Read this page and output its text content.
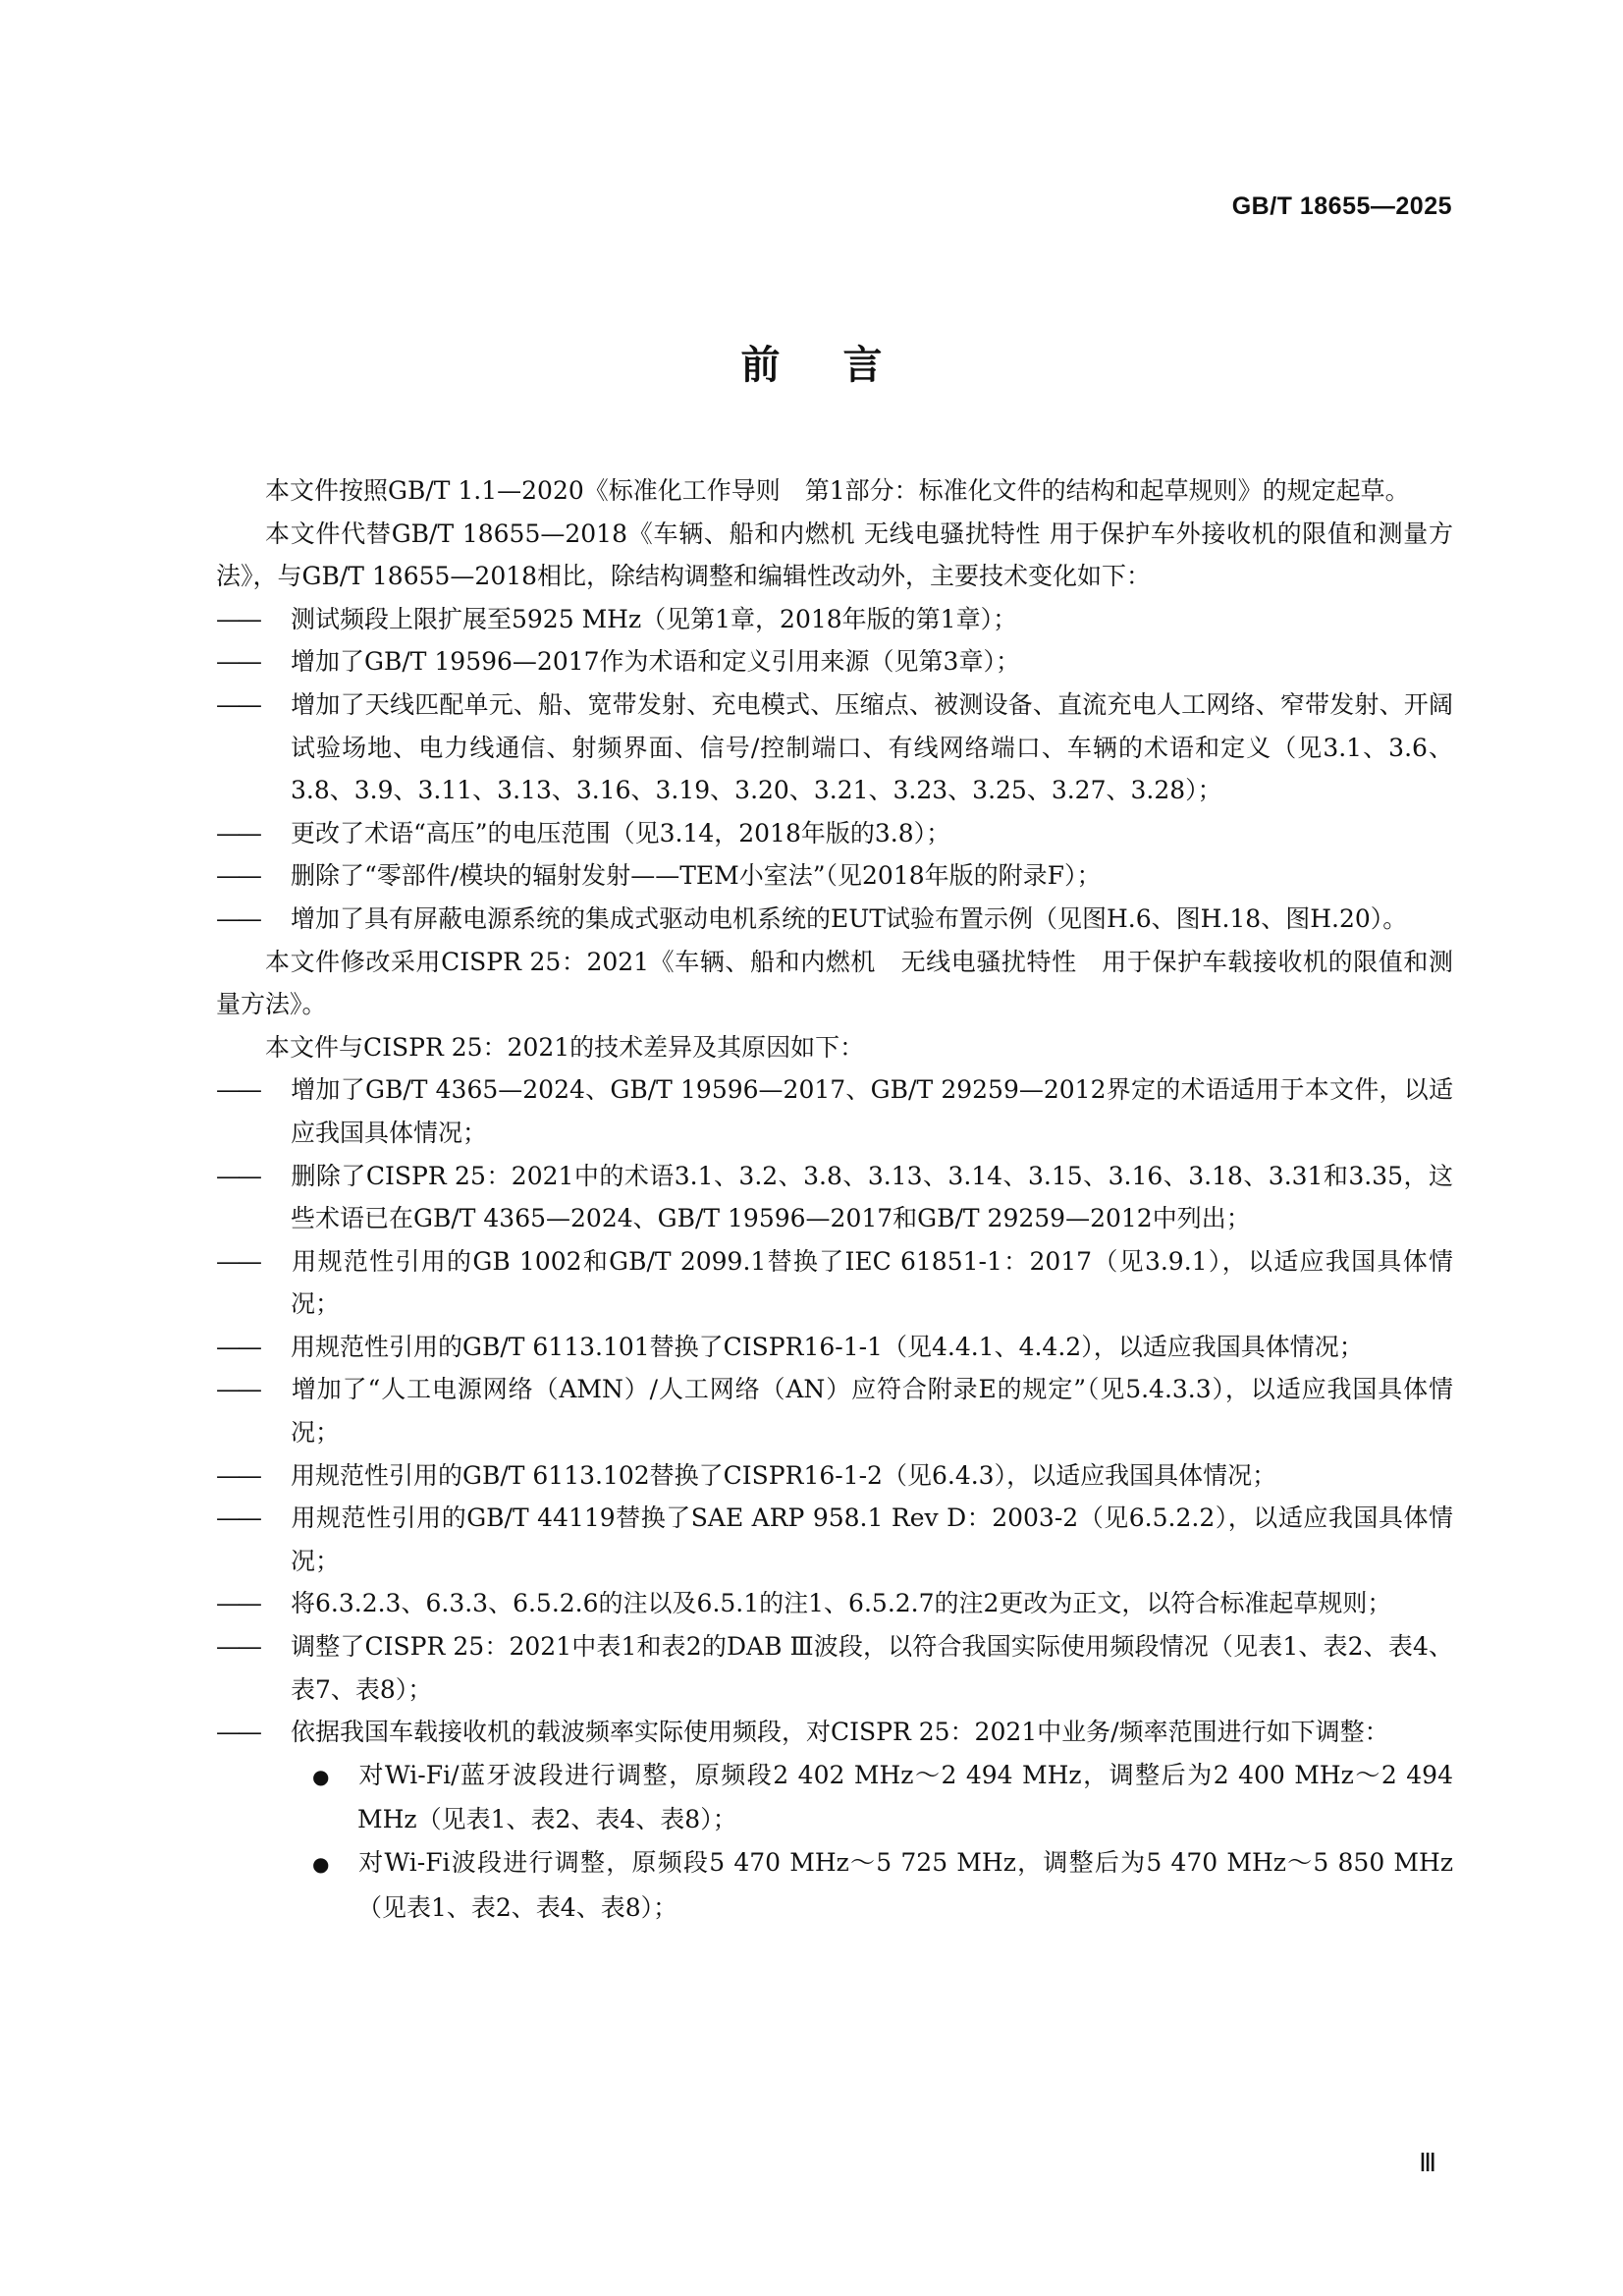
GB/T 18655—2025
前言

本文件按照GB/T 1.1—2020《标准化工作导则　第1部分：标准化文件的结构和起草规则》的规定起草。

本文件代替GB/T 18655—2018《车辆、船和内燃机 无线电骚扰特性 用于保护车外接收机的限值和测量方法》，与GB/T 18655—2018相比，除结构调整和编辑性改动外，主要技术变化如下：

—— 测试频段上限扩展至5925 MHz（见第1章，2018年版的第1章）；

—— 增加了GB/T 19596—2017作为术语和定义引用来源（见第3章）；

—— 增加了天线匹配单元、船、宽带发射、充电模式、压缩点、被测设备、直流充电人工网络、窄带发射、开阔试验场地、电力线通信、射频界面、信号/控制端口、有线网络端口、车辆的术语和定义（见3.1、3.6、3.8、3.9、3.11、3.13、3.16、3.19、3.20、3.21、3.23、3.25、3.27、3.28）；

—— 更改了术语“高压”的电压范围（见3.14，2018年版的3.8）；

—— 删除了“零部件/模块的辐射发射——TEM小室法”（见2018年版的附录F）；

—— 增加了具有屏蔽电源系统的集成式驱动电机系统的EUT试验布置示例（见图H.6、图H.18、图H.20）。

本文件修改采用CISPR 25：2021《车辆、船和内燃机　无线电骚扰特性　用于保护车载接收机的限值和测量方法》。

本文件与CISPR 25：2021的技术差异及其原因如下：

—— 增加了GB/T 4365—2024、GB/T 19596—2017、GB/T 29259—2012界定的术语适用于本文件，以适应我国具体情况；

—— 删除了CISPR 25：2021中的术语3.1、3.2、3.8、3.13、3.14、3.15、3.16、3.18、3.31和3.35，这些术语已在GB/T 4365—2024、GB/T 19596—2017和GB/T 29259—2012中列出；

—— 用规范性引用的GB 1002和GB/T 2099.1替换了IEC 61851-1：2017（见3.9.1），以适应我国具体情况；

—— 用规范性引用的GB/T 6113.101替换了CISPR16-1-1（见4.4.1、4.4.2），以适应我国具体情况；

—— 增加了“人工电源网络（AMN）/人工网络（AN）应符合附录E的规定”（见5.4.3.3），以适应我国具体情况；

—— 用规范性引用的GB/T 6113.102替换了CISPR16-1-2（见6.4.3），以适应我国具体情况；

—— 用规范性引用的GB/T 44119替换了SAE ARP 958.1 Rev D：2003-2（见6.5.2.2），以适应我国具体情况；

—— 将6.3.2.3、6.3.3、6.5.2.6的注以及6.5.1的注1、6.5.2.7的注2更改为正文，以符合标准起草规则；

—— 调整了CISPR 25：2021中表1和表2的DAB Ⅲ波段，以符合我国实际使用频段情况（见表1、表2、表4、表7、表8）；

—— 依据我国车载接收机的载波频率实际使用频段，对CISPR 25：2021中业务/频率范围进行如下调整：

● 对Wi-Fi/蓝牙波段进行调整，原频段2 402 MHz～2 494 MHz，调整后为2 400 MHz～2 494 MHz（见表1、表2、表4、表8）；

● 对Wi-Fi波段进行调整，原频段5 470 MHz～5 725 MHz，调整后为5 470 MHz～5 850 MHz（见表1、表2、表4、表8）；

Ⅲ
